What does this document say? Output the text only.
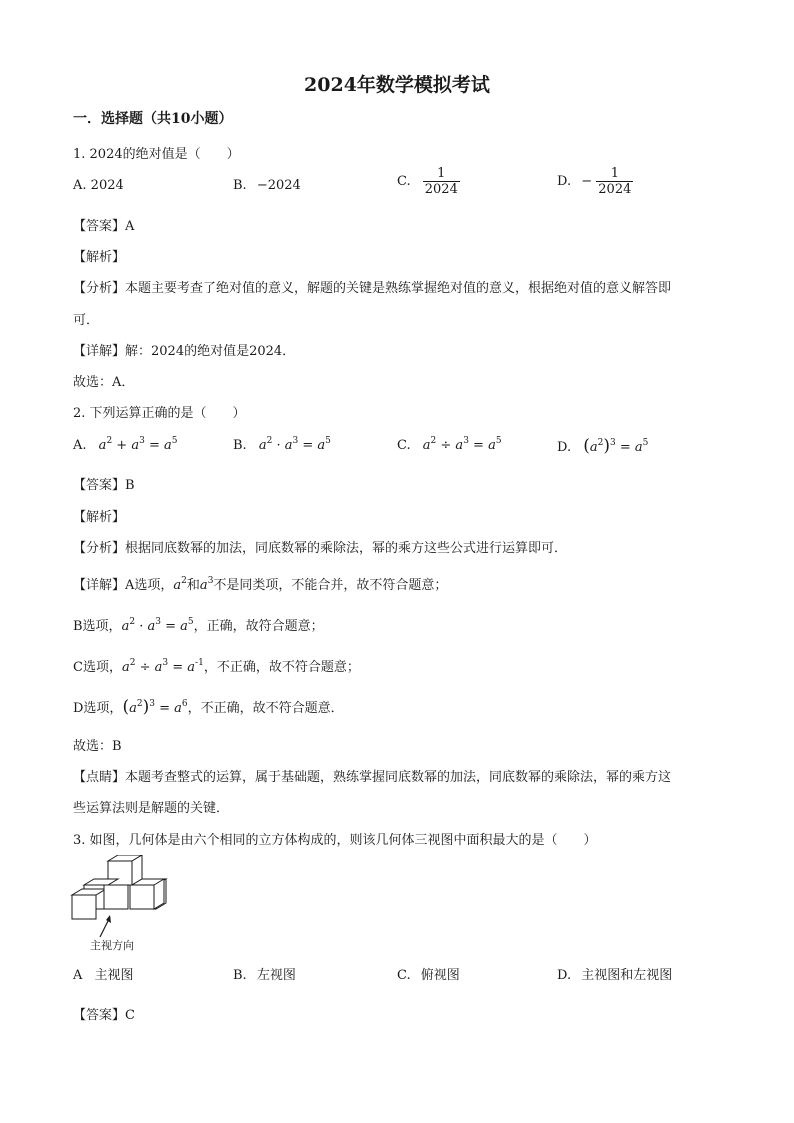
2024年数学模拟考试
一．选择题（共10小题）
1. 2024的绝对值是（　　）
A. 2024	B. −2024	C. $\frac{1}{2024}$	D. − $\frac{1}{2024}$
【答案】A
【解析】
【分析】本题主要考查了绝对值的意义，解题的关键是熟练掌握绝对值的意义，根据绝对值的意义解答即
可．
【详解】解：2024的绝对值是2024．
故选：A．
2. 下列运算正确的是（　　）
A. $a^2 + a^3 = a^5$	B. $a^2 \cdot a^3 = a^5$	C. $a^2 \div a^3 = a^5$	D. $(a^2)^3 = a^5$
【答案】B
【解析】
【分析】根据同底数幂的加法，同底数幂的乘除法，幂的乘方这些公式进行运算即可．
【详解】A选项，$a^2$和$a^3$不是同类项，不能合并，故不符合题意；
B选项，$a^2 \cdot a^3 = a^5$，正确，故符合题意；
C选项，$a^2 \div a^3 = a^{-1}$，不正确，故不符合题意；
D选项，$(a^2)^3 = a^6$，不正确，故不符合题意．
故选：B
【点睛】本题考查整式的运算，属于基础题，熟练掌握同底数幂的加法，同底数幂的乘除法，幂的乘方这
些运算法则是解题的关键．
3. 如图，几何体是由六个相同的立方体构成的，则该几何体三视图中面积最大的是（　　）
主视方向
A 主视图	B. 左视图	C. 俯视图	D. 主视图和左视图
【答案】C
